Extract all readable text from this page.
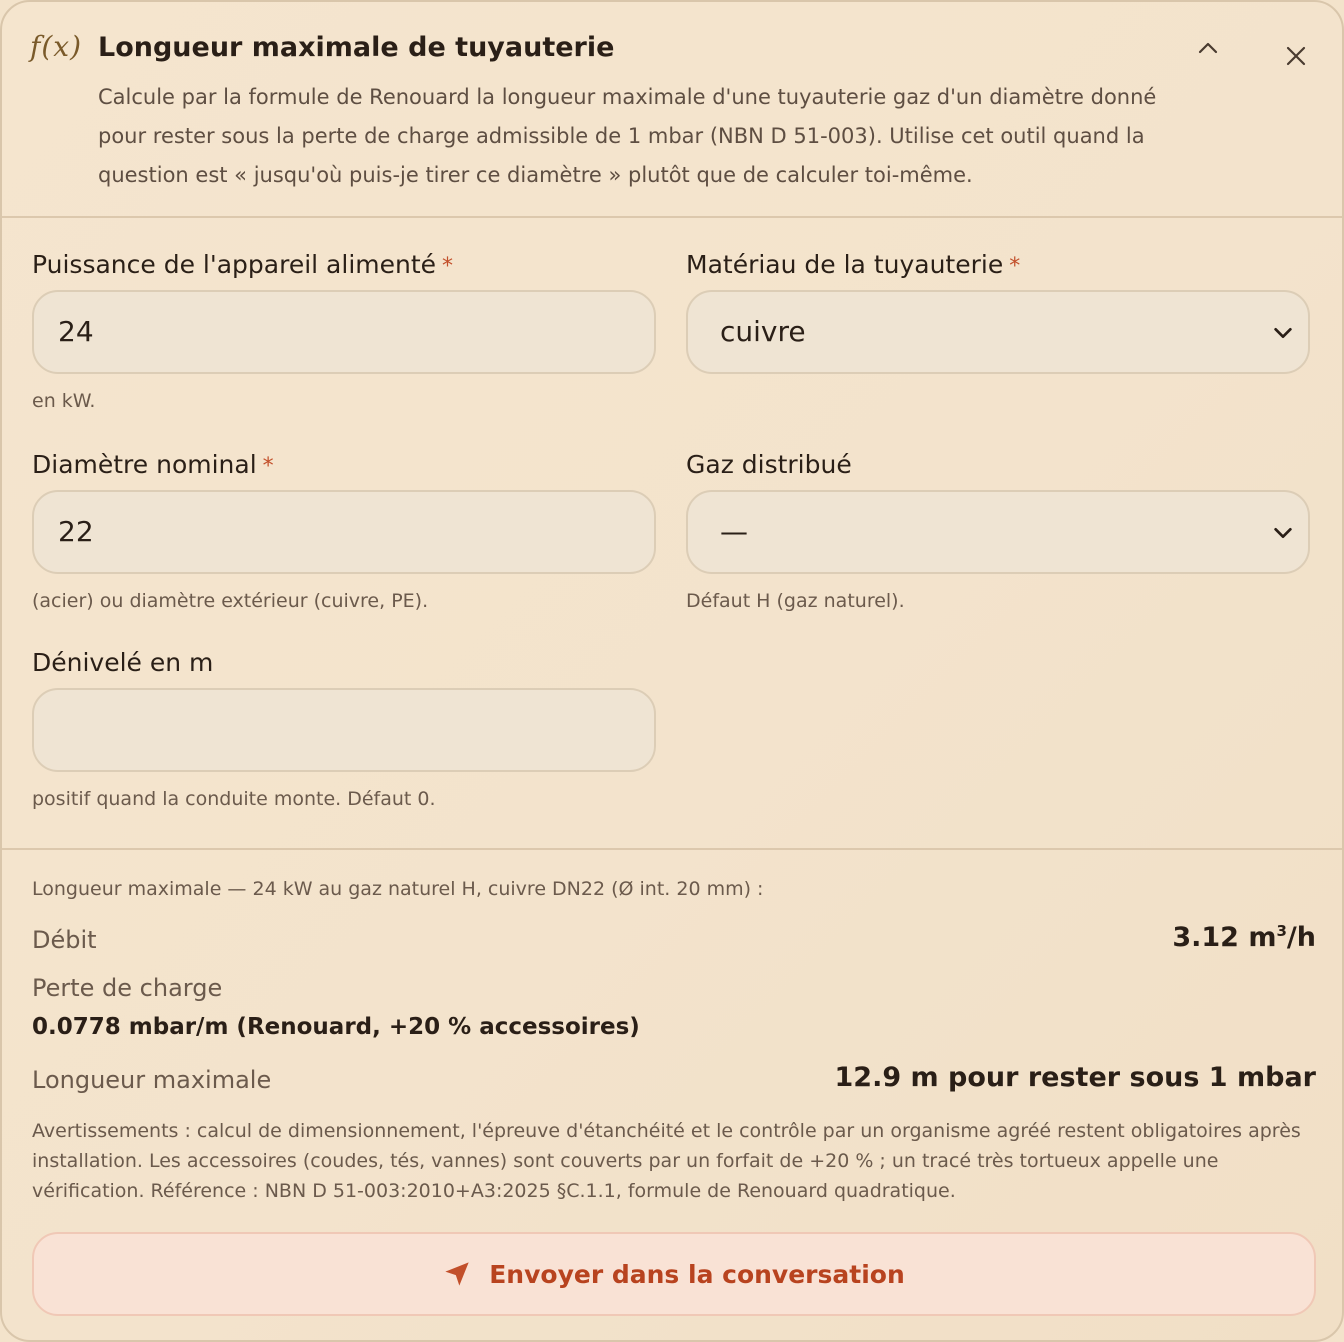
f(x) Longueur maximale de tuyauterie
Calcule par la formule de Renouard la longueur maximale d'une tuyauterie gaz d'un diamètre donné pour rester sous la perte de charge admissible de 1 mbar (NBN D 51-003). Utilise cet outil quand la question est « jusqu'où puis-je tirer ce diamètre » plutôt que de calculer toi-même.
Puissance de l'appareil alimenté *
24
en kW.
Matériau de la tuyauterie *
cuivre
Diamètre nominal *
22
(acier) ou diamètre extérieur (cuivre, PE).
Gaz distribué
—
Défaut H (gaz naturel).
Dénivelé en m
positif quand la conduite monte. Défaut 0.
Longueur maximale — 24 kW au gaz naturel H, cuivre DN22 (Ø int. 20 mm) :
Débit	3.12 $m^3/h$
Perte de charge
0.0778 mbar/m (Renouard, +20 % accessoires)
Longueur maximale	12.9 m pour rester sous 1 mbar
Avertissements : calcul de dimensionnement, l'épreuve d'étanchéité et le contrôle par un organisme agréé restent obligatoires après installation. Les accessoires (coudes, tés, vannes) sont couverts par un forfait de +20 % ; un tracé très tortueux appelle une vérification. Référence : NBN D 51-003:2010+A3:2025 §C.1.1, formule de Renouard quadratique.
Envoyer dans la conversation
